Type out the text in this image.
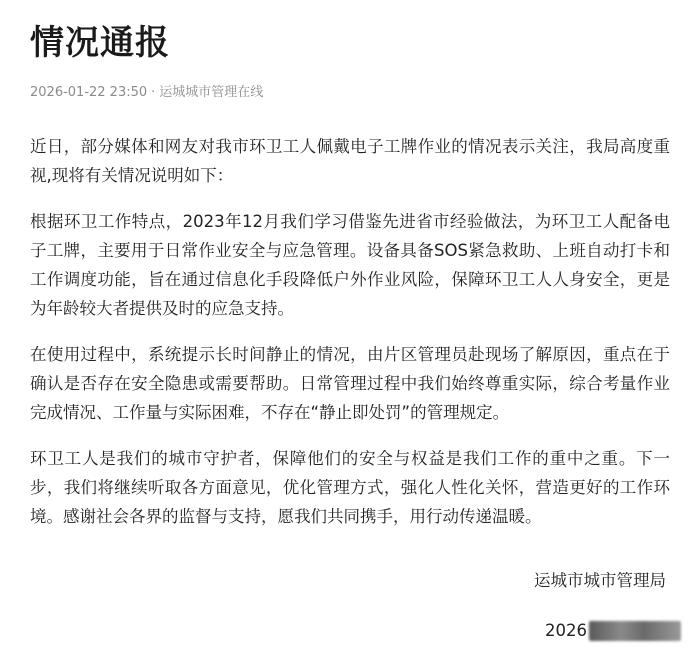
情况通报
2026-01-22 23:50 · 运城城市管理在线

近日，部分媒体和网友对我市环卫工人佩戴电子工牌作业的情况表示关注，我局高度重视,现将有关情况说明如下：

根据环卫工作特点，2023年12月我们学习借鉴先进省市经验做法，为环卫工人配备电子工牌，主要用于日常作业安全与应急管理。设备具备SOS紧急救助、上班自动打卡和工作调度功能，旨在通过信息化手段降低户外作业风险，保障环卫工人人身安全，更是为年龄较大者提供及时的应急支持。

在使用过程中，系统提示长时间静止的情况，由片区管理员赴现场了解原因，重点在于确认是否存在安全隐患或需要帮助。日常管理过程中我们始终尊重实际，综合考量作业完成情况、工作量与实际困难，不存在“静止即处罚”的管理规定。

环卫工人是我们的城市守护者，保障他们的安全与权益是我们工作的重中之重。下一步，我们将继续听取各方面意见，优化管理方式，强化人性化关怀，营造更好的工作环境。感谢社会各界的监督与支持，愿我们共同携手，用行动传递温暖。

运城市城市管理局
2026
